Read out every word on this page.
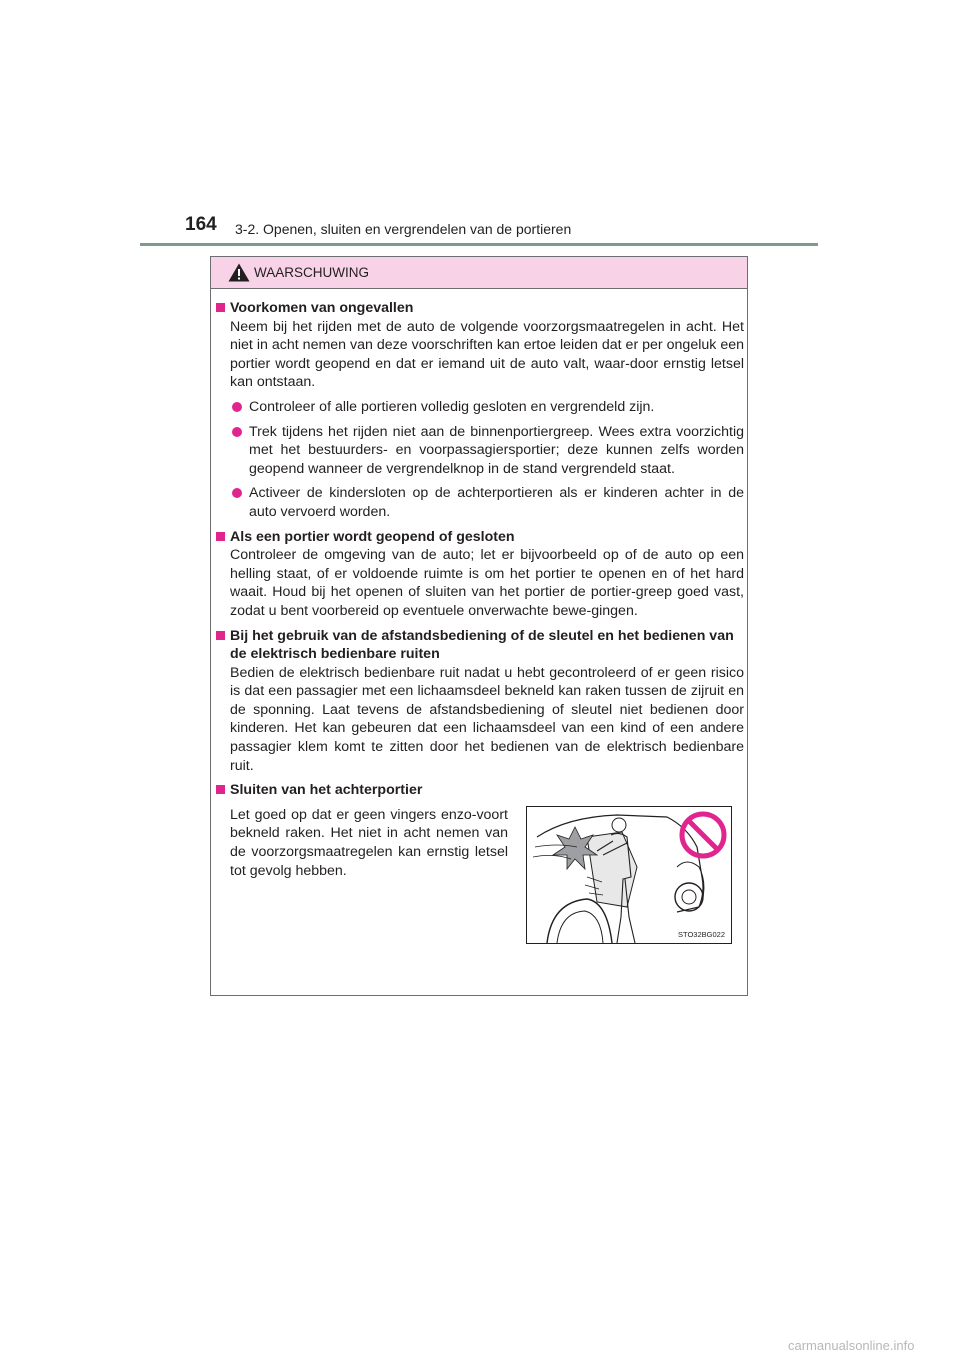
164 3-2. Openen, sluiten en vergrendelen van de portieren
WAARSCHUWING
Voorkomen van ongevallen
Neem bij het rijden met de auto de volgende voorzorgsmaatregelen in acht. Het niet in acht nemen van deze voorschriften kan ertoe leiden dat er per ongeluk een portier wordt geopend en dat er iemand uit de auto valt, waar-door ernstig letsel kan ontstaan.
Controleer of alle portieren volledig gesloten en vergrendeld zijn.
Trek tijdens het rijden niet aan de binnenportiergreep. Wees extra voorzichtig met het bestuurders- en voorpassagiersportier; deze kunnen zelfs worden geopend wanneer de vergrendelknop in de stand vergrendeld staat.
Activeer de kindersloten op de achterportieren als er kinderen achter in de auto vervoerd worden.
Als een portier wordt geopend of gesloten
Controleer de omgeving van de auto; let er bijvoorbeeld op of de auto op een helling staat, of er voldoende ruimte is om het portier te openen en of het hard waait. Houd bij het openen of sluiten van het portier de portier-greep goed vast, zodat u bent voorbereid op eventuele onverwachte bewe-gingen.
Bij het gebruik van de afstandsbediening of de sleutel en het bedienen van de elektrisch bedienbare ruiten
Bedien de elektrisch bedienbare ruit nadat u hebt gecontroleerd of er geen risico is dat een passagier met een lichaamsdeel bekneld kan raken tussen de zijruit en de sponning. Laat tevens de afstandsbediening of sleutel niet bedienen door kinderen. Het kan gebeuren dat een lichaamsdeel van een kind of een andere passagier klem komt te zitten door het bedienen van de elektrisch bedienbare ruit.
Sluiten van het achterportier
Let goed op dat er geen vingers enzo-voort bekneld raken. Het niet in acht nemen van de voorzorgsmaatregelen kan ernstig letsel tot gevolg hebben.
STO32BG022
carmanualsonline.info
